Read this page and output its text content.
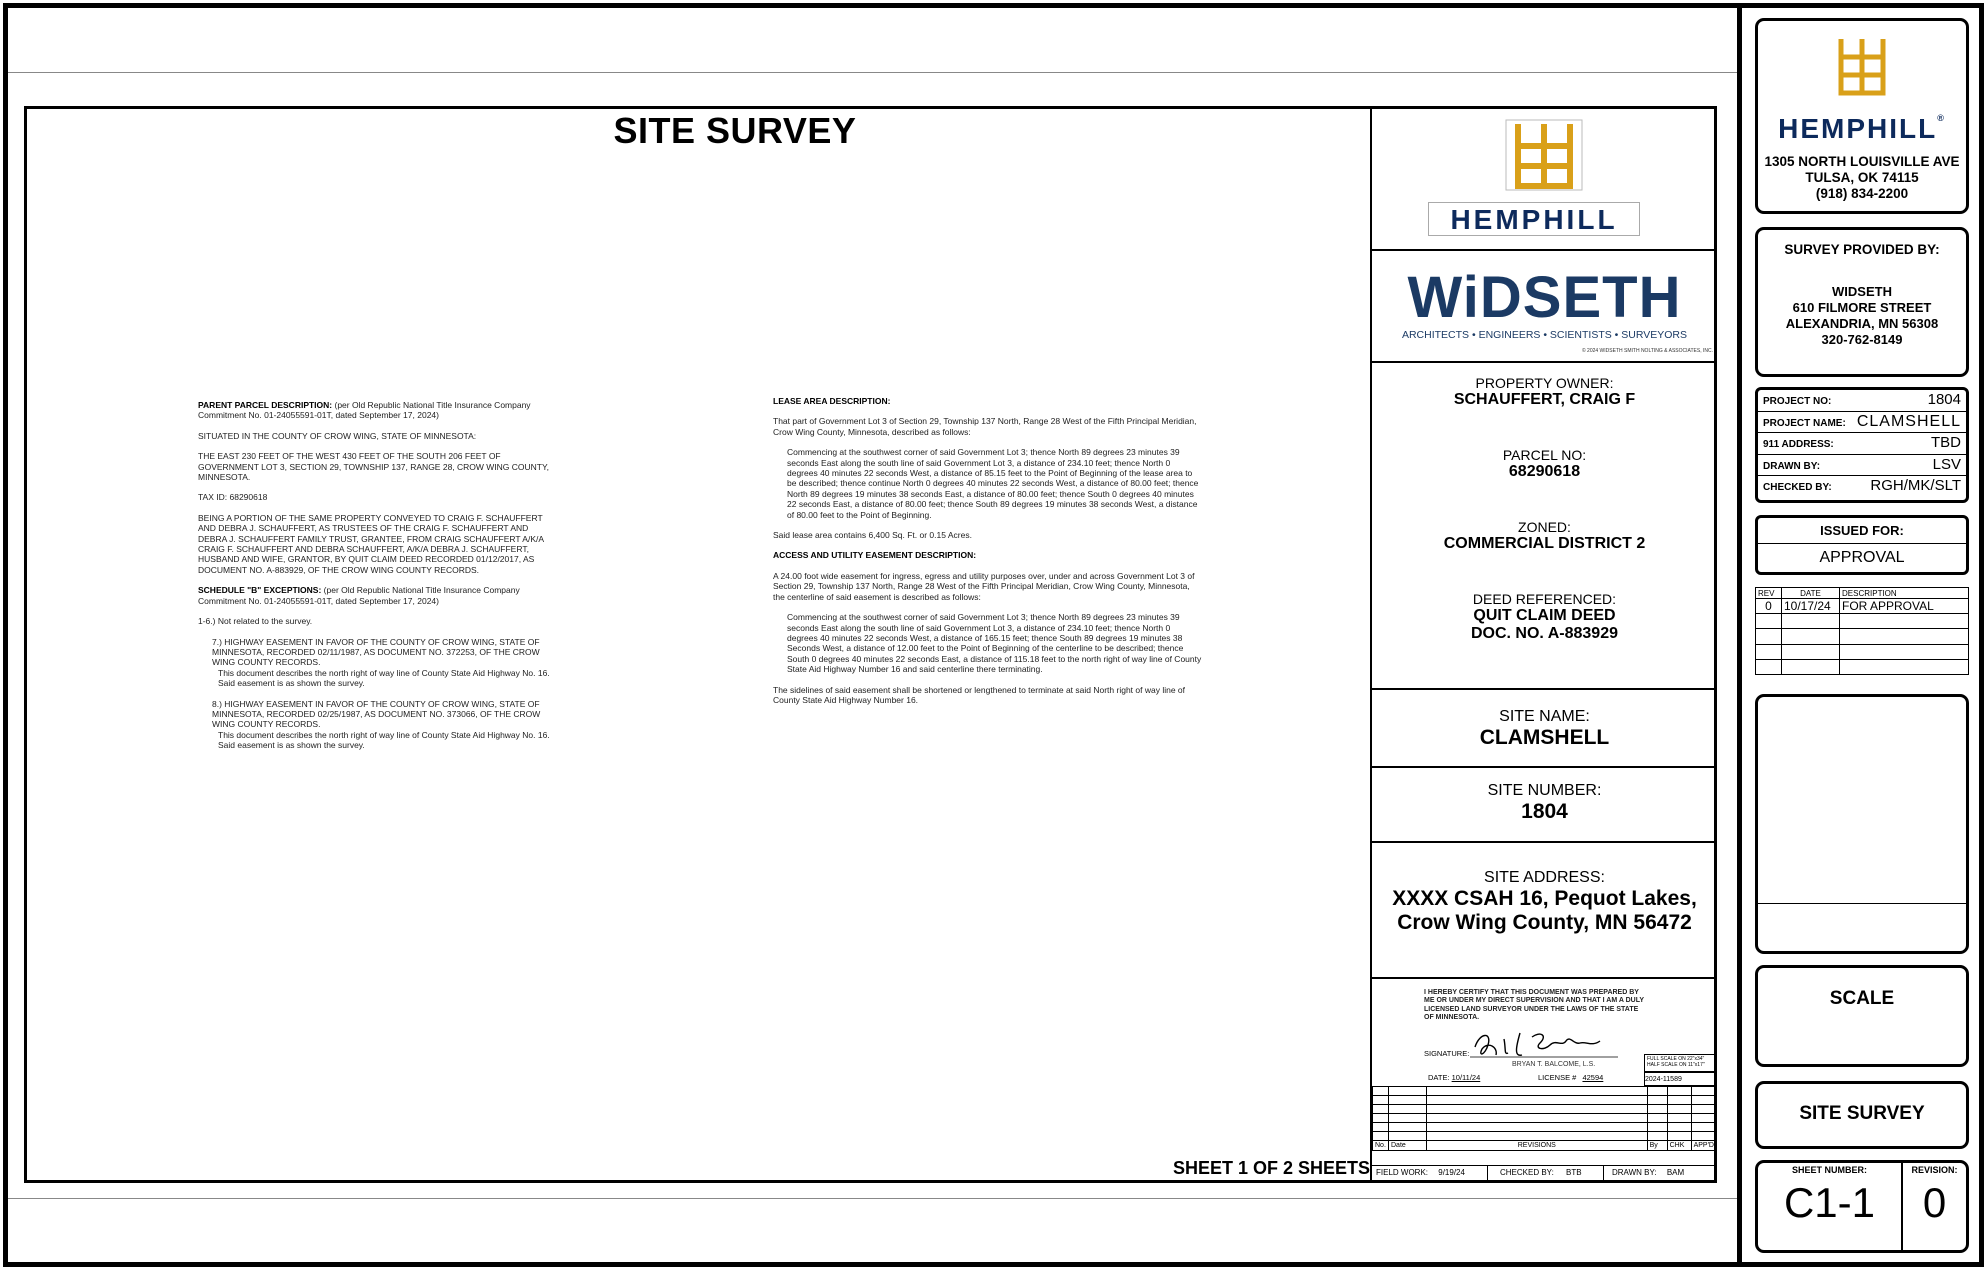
SITE SURVEY

PARENT PARCEL DESCRIPTION: (per Old Republic National Title Insurance Company Commitment No. 01-24055591-01T, dated September 17, 2024)

SITUATED IN THE COUNTY OF CROW WING, STATE OF MINNESOTA:

THE EAST 230 FEET OF THE WEST 430 FEET OF THE SOUTH 206 FEET OF GOVERNMENT LOT 3, SECTION 29, TOWNSHIP 137, RANGE 28, CROW WING COUNTY, MINNESOTA.

TAX ID: 68290618

BEING A PORTION OF THE SAME PROPERTY CONVEYED TO CRAIG F. SCHAUFFERT AND DEBRA J. SCHAUFFERT, AS TRUSTEES OF THE CRAIG F. SCHAUFFERT AND DEBRA J. SCHAUFFERT FAMILY TRUST, GRANTEE, FROM CRAIG SCHAUFFERT A/K/A CRAIG F. SCHAUFFERT AND DEBRA SCHAUFFERT, A/K/A DEBRA J. SCHAUFFERT, HUSBAND AND WIFE, GRANTOR, BY QUIT CLAIM DEED RECORDED 01/12/2017, AS DOCUMENT NO. A-883929, OF THE CROW WING COUNTY RECORDS.

SCHEDULE "B" EXCEPTIONS: (per Old Republic National Title Insurance Company Commitment No. 01-24055591-01T, dated September 17, 2024)

1-6.) Not related to the survey.

7.) HIGHWAY EASEMENT IN FAVOR OF THE COUNTY OF CROW WING, STATE OF MINNESOTA, RECORDED 02/11/1987, AS DOCUMENT NO. 372253, OF THE CROW WING COUNTY RECORDS.

This document describes the north right of way line of County State Aid Highway No. 16. Said easement is as shown the survey.

8.) HIGHWAY EASEMENT IN FAVOR OF THE COUNTY OF CROW WING, STATE OF MINNESOTA, RECORDED 02/25/1987, AS DOCUMENT NO. 373066, OF THE CROW WING COUNTY RECORDS.

This document describes the north right of way line of County State Aid Highway No. 16. Said easement is as shown the survey.

LEASE AREA DESCRIPTION:

That part of Government Lot 3 of Section 29, Township 137 North, Range 28 West of the Fifth Principal Meridian, Crow Wing County, Minnesota, described as follows:

Commencing at the southwest corner of said Government Lot 3; thence North 89 degrees 23 minutes 39 seconds East along the south line of said Government Lot 3, a distance of 234.10 feet; thence North 0 degrees 40 minutes 22 seconds West, a distance of 85.15 feet to the Point of Beginning of the lease area to be described; thence continue North 0 degrees 40 minutes 22 seconds West, a distance of 80.00 feet; thence North 89 degrees 19 minutes 38 seconds East, a distance of 80.00 feet; thence South 0 degrees 40 minutes 22 seconds East, a distance of 80.00 feet; thence South 89 degrees 19 minutes 38 seconds West, a distance of 80.00 feet to the Point of Beginning.

Said lease area contains 6,400 Sq. Ft. or 0.15 Acres.

ACCESS AND UTILITY EASEMENT DESCRIPTION:

A 24.00 foot wide easement for ingress, egress and utility purposes over, under and across Government Lot 3 of Section 29, Township 137 North, Range 28 West of the Fifth Principal Meridian, Crow Wing County, Minnesota, the centerline of said easement is described as follows:

Commencing at the southwest corner of said Government Lot 3; thence North 89 degrees 23 minutes 39 seconds East along the south line of said Government Lot 3, a distance of 234.10 feet; thence North 0 degrees 40 minutes 22 seconds West, a distance of 165.15 feet; thence South 89 degrees 19 minutes 38 Seconds West, a distance of 12.00 feet to the Point of Beginning of the centerline to be described; thence South 0 degrees 40 minutes 22 seconds East, a distance of 115.18 feet to the north right of way line of County State Aid Highway Number 16 and said centerline there terminating.

The sidelines of said easement shall be shortened or lengthened to terminate at said North right of way line of County State Aid Highway Number 16.

SHEET 1 OF 2 SHEETS
HEMPHILL
WiDSETH
ARCHITECTS • ENGINEERS • SCIENTISTS • SURVEYORS
© 2024 WIDSETH SMITH NOLTING & ASSOCIATES, INC.
PROPERTY OWNER:
SCHAUFFERT, CRAIG F
PARCEL NO:
68290618
ZONED:
COMMERCIAL DISTRICT 2
DEED REFERENCED:
QUIT CLAIM DEED
DOC. NO. A-883929
SITE NAME:
CLAMSHELL
SITE NUMBER:
1804
SITE ADDRESS:
XXXX CSAH 16, Pequot Lakes,
Crow Wing County, MN 56472
I HEREBY CERTIFY THAT THIS DOCUMENT WAS PREPARED BY ME OR UNDER MY DIRECT SUPERVISION AND THAT I AM A DULY LICENSED LAND SURVEYOR UNDER THE LAWS OF THE STATE OF MINNESOTA.
SIGNATURE:
BRYAN T. BALCOME, L.S.
DATE: 10/11/24	LICENSE # 42594
FULL SCALE ON 22"x34"
HALF SCALE ON 11"x17"
2024-11589

No.	Date	REVISIONS	By	CHK	APP'D
FIELD WORK: 9/19/24	CHECKED BY: BTB	DRAWN BY: BAM
HEMPHILL®
1305 NORTH LOUISVILLE AVE
TULSA, OK 74115
(918) 834-2200
SURVEY PROVIDED BY:
WIDSETH
610 FILMORE STREET
ALEXANDRIA, MN 56308
320-762-8149
PROJECT NO:	1804
PROJECT NAME: CLAMSHELL
911 ADDRESS:	TBD
DRAWN BY:	LSV
CHECKED BY:	RGH/MK/SLT
ISSUED FOR:
APPROVAL
REV	DATE	DESCRIPTION
0	10/17/24	FOR APPROVAL

SCALE
SITE SURVEY
SHEET NUMBER:
C1-1
REVISION:
0
